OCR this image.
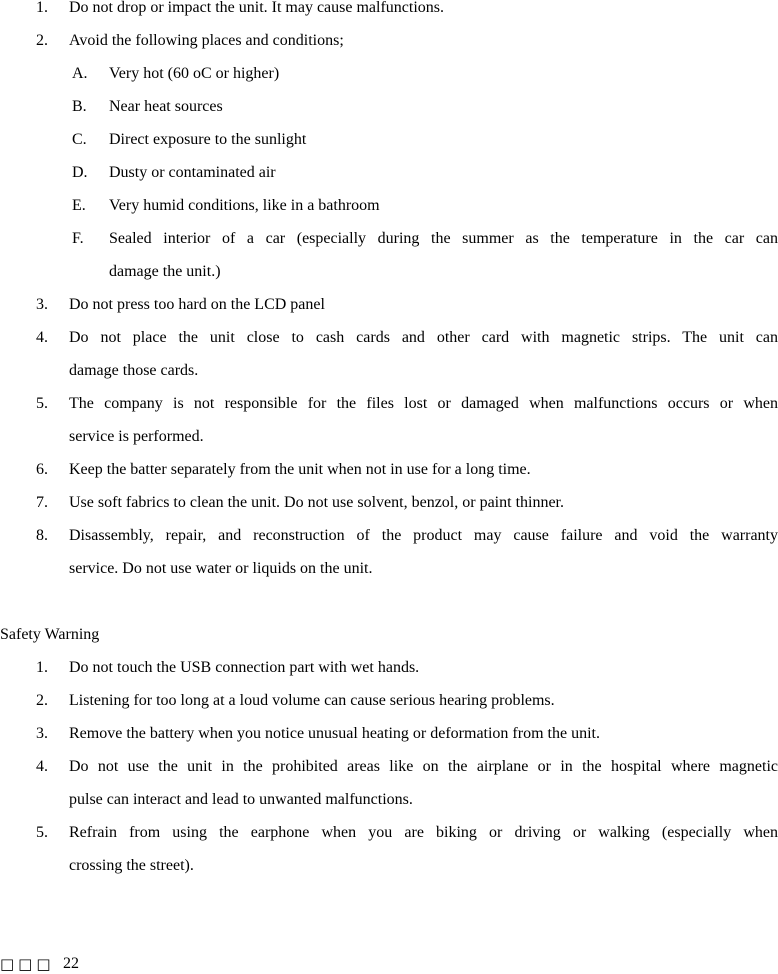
1. Do not drop or impact the unit. It may cause malfunctions.
2. Avoid the following places and conditions;
A. Very hot (60 oC or higher)
B. Near heat sources
C. Direct exposure to the sunlight
D. Dusty or contaminated air
E. Very humid conditions, like in a bathroom
F. Sealed interior of a car (especially during the summer as the temperature in the car can
damage the unit.)
3. Do not press too hard on the LCD panel
4. Do not place the unit close to cash cards and other card with magnetic strips. The unit can
damage those cards.
5. The company is not responsible for the files lost or damaged when malfunctions occurs or when
service is performed.
6. Keep the batter separately from the unit when not in use for a long time.
7. Use soft fabrics to clean the unit. Do not use solvent, benzol, or paint thinner.
8. Disassembly, repair, and reconstruction of the product may cause failure and void the warranty
service. Do not use water or liquids on the unit.
Safety Warning
1. Do not touch the USB connection part with wet hands.
2. Listening for too long at a loud volume can cause serious hearing problems.
3. Remove the battery when you notice unusual heating or deformation from the unit.
4. Do not use the unit in the prohibited areas like on the airplane or in the hospital where magnetic
pulse can interact and lead to unwanted malfunctions.
5. Refrain from using the earphone when you are biking or driving or walking (especially when
crossing the street).
□□□ 22
